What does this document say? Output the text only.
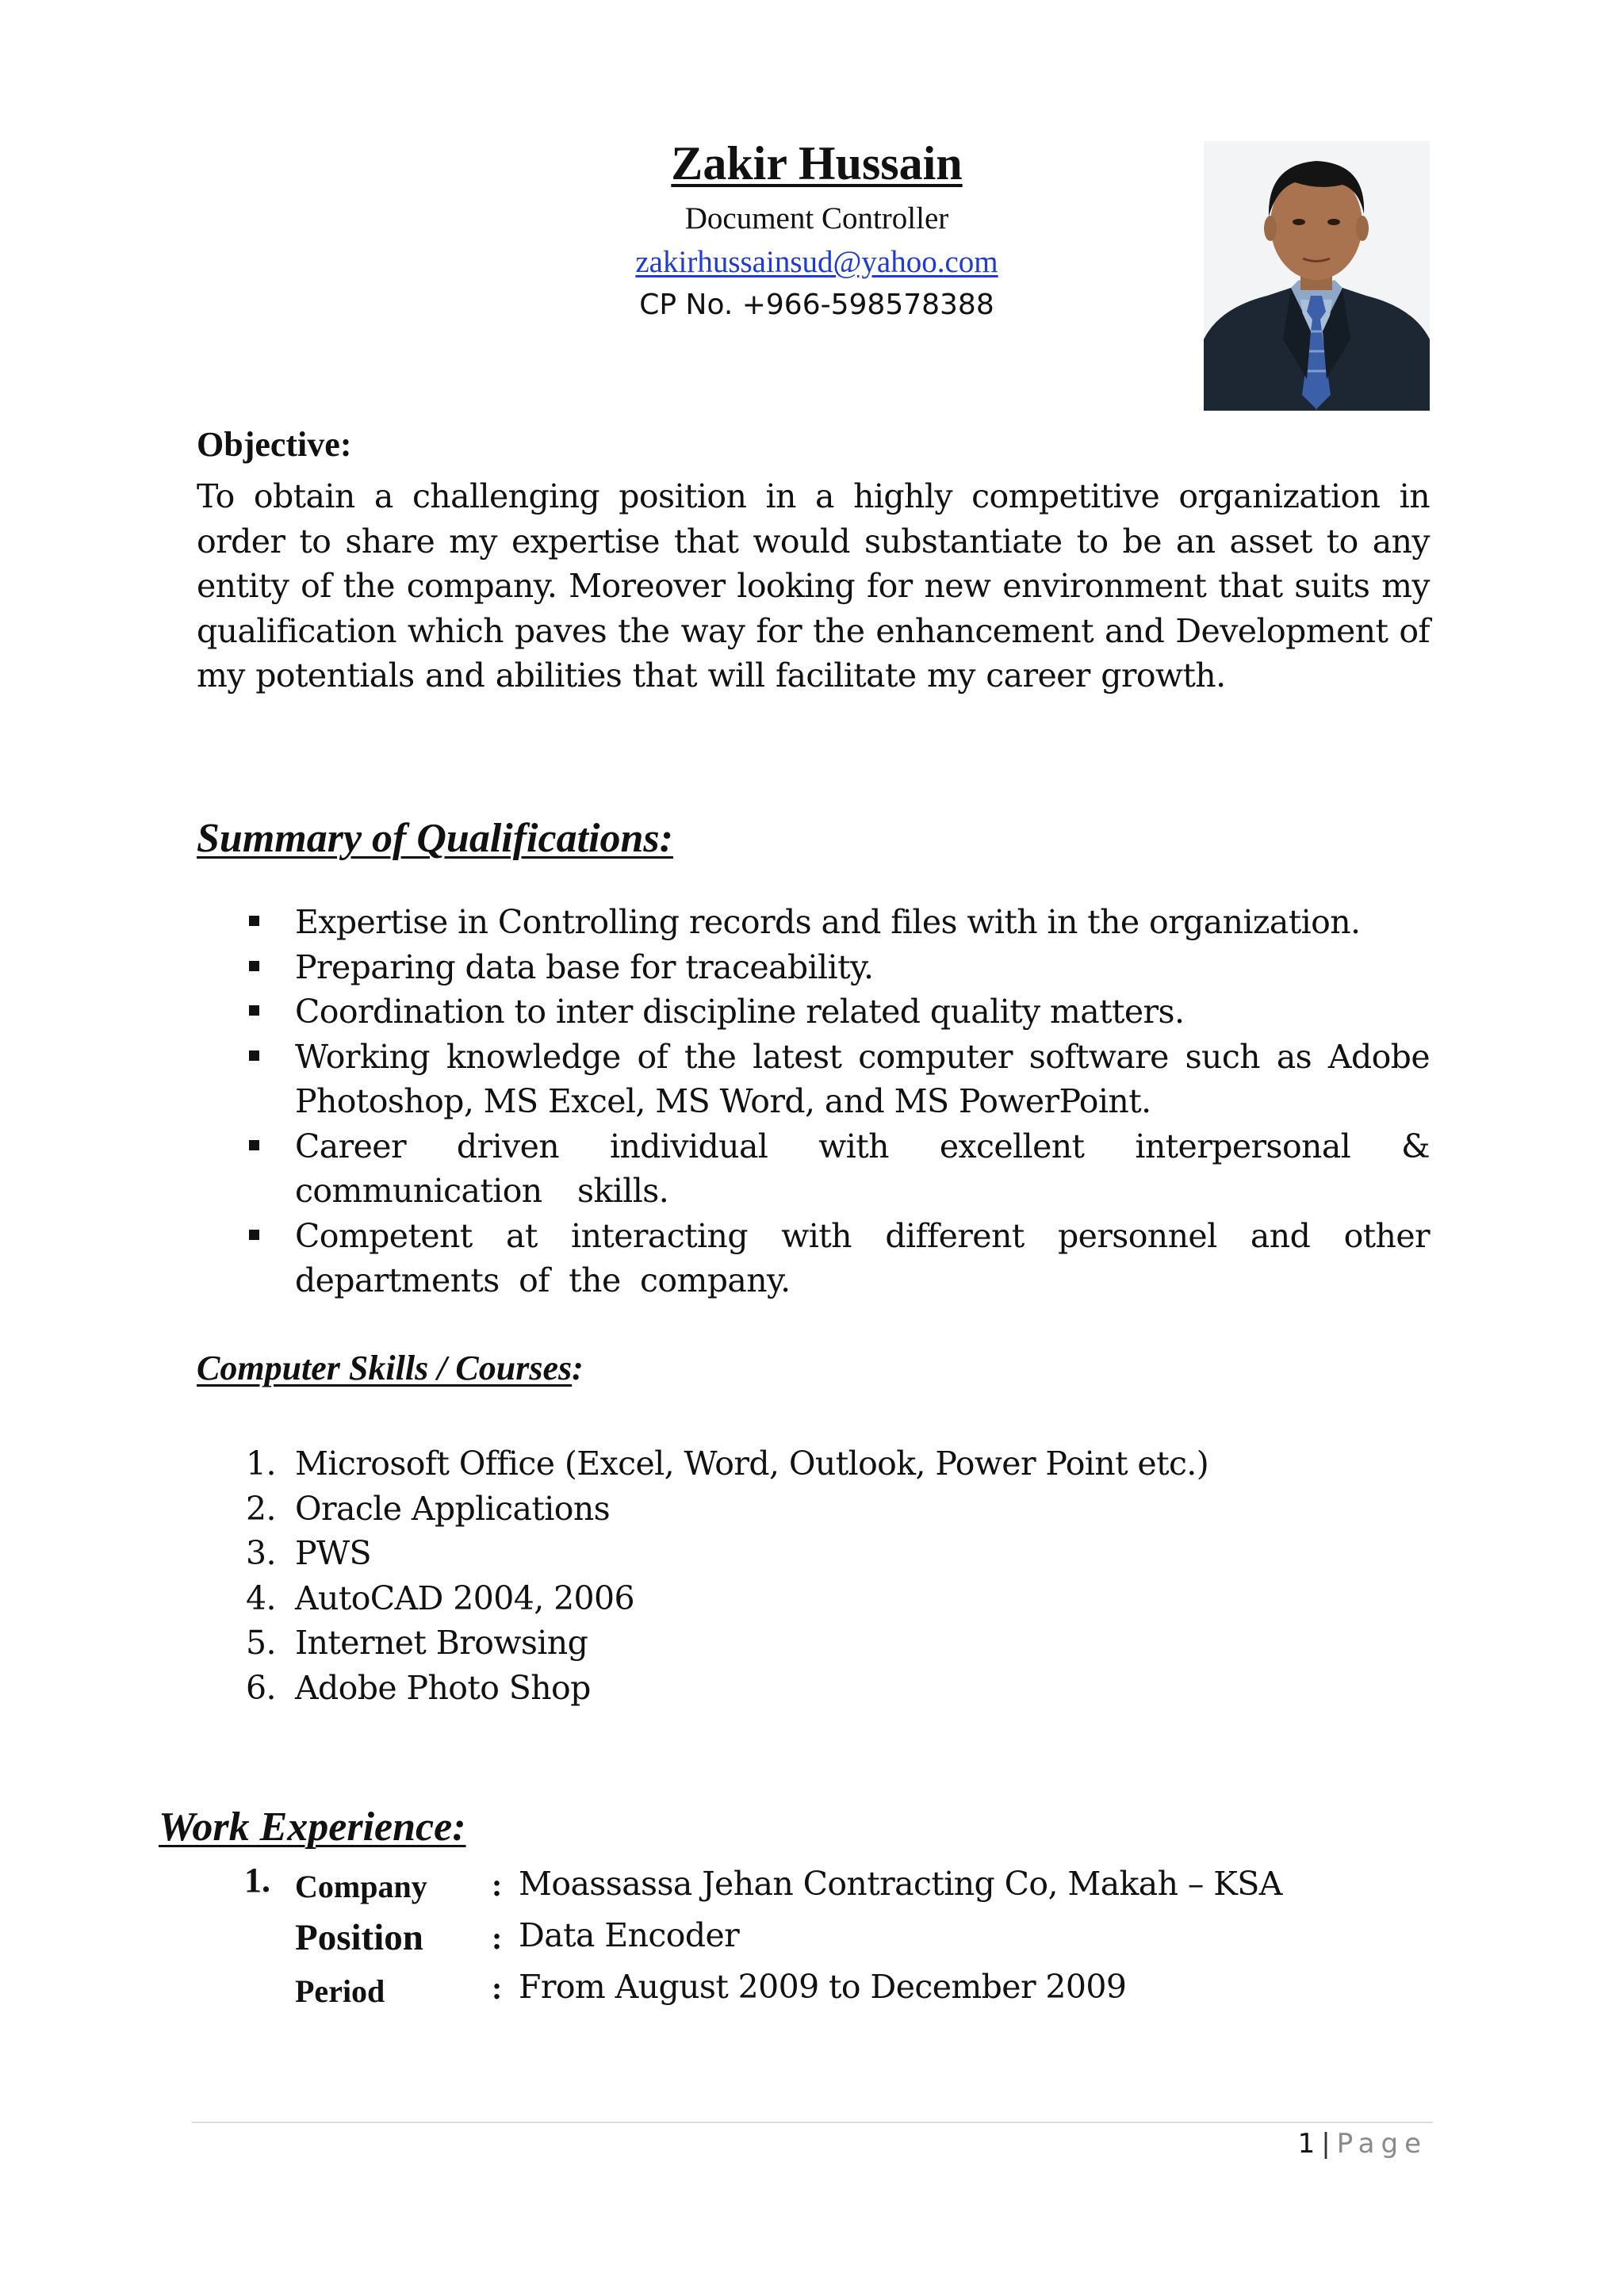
Zakir Hussain
Document Controller
zakirhussainsud@yahoo.com
CP No. +966-598578388
Objective:
To obtain a challenging position in a highly competitive organization in order to share my expertise that would substantiate to be an asset to any entity of the company. Moreover looking for new environment that suits my qualification which paves the way for the enhancement and Development of my potentials and abilities that will facilitate my career growth.
Summary of Qualifications:
Expertise in Controlling records and files with in the organization.
Preparing data base for traceability.
Coordination to inter discipline related quality matters.
Working knowledge of the latest computer software such as Adobe Photoshop, MS Excel, MS Word, and MS PowerPoint.
Career driven individual with excellent interpersonal & communication skills.
Competent at interacting with different personnel and other departments of the company.
Computer Skills / Courses:
1. Microsoft Office (Excel, Word, Outlook, Power Point etc.)
2. Oracle Applications
3. PWS
4. AutoCAD 2004, 2006
5. Internet Browsing
6. Adobe Photo Shop
Work Experience:
1. Company : Moassassa Jehan Contracting Co, Makah – KSA
Position : Data Encoder
Period	: From August 2009 to December 2009
1 | Page
